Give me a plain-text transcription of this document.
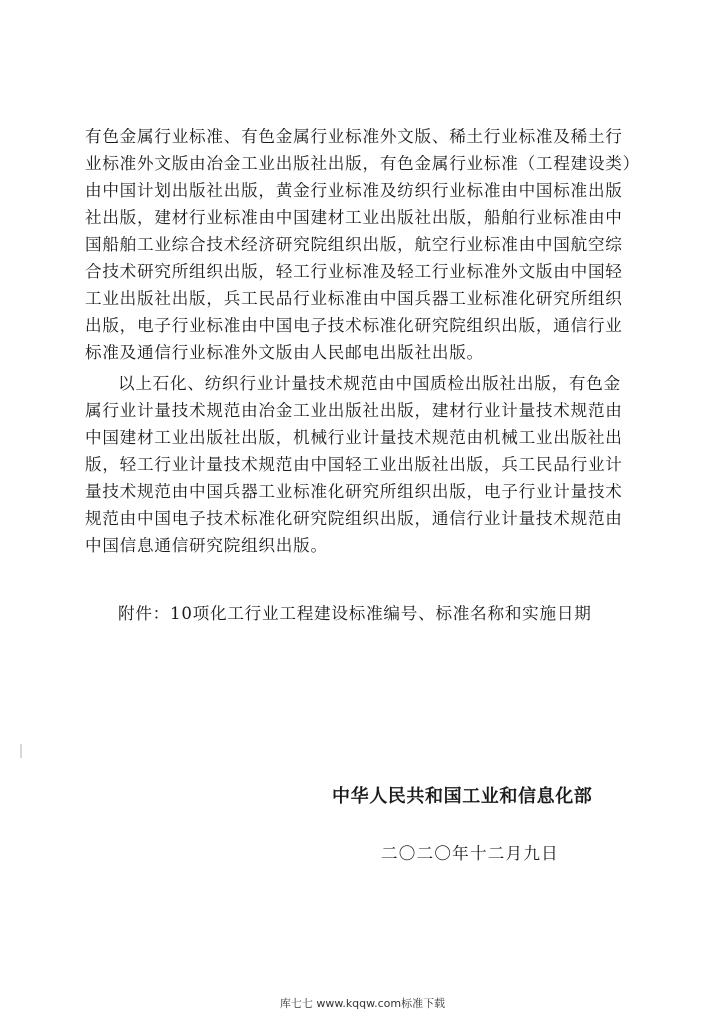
有色金属行业标准、有色金属行业标准外文版、稀土行业标准及稀土行
业标准外文版由冶金工业出版社出版，有色金属行业标准（工程建设类）
由中国计划出版社出版，黄金行业标准及纺织行业标准由中国标准出版
社出版，建材行业标准由中国建材工业出版社出版，船舶行业标准由中
国船舶工业综合技术经济研究院组织出版，航空行业标准由中国航空综
合技术研究所组织出版，轻工行业标准及轻工行业标准外文版由中国轻
工业出版社出版，兵工民品行业标准由中国兵器工业标准化研究所组织
出版，电子行业标准由中国电子技术标准化研究院组织出版，通信行业
标准及通信行业标准外文版由人民邮电出版社出版。
以上石化、纺织行业计量技术规范由中国质检出版社出版，有色金
属行业计量技术规范由冶金工业出版社出版，建材行业计量技术规范由
中国建材工业出版社出版，机械行业计量技术规范由机械工业出版社出
版，轻工行业计量技术规范由中国轻工业出版社出版，兵工民品行业计
量技术规范由中国兵器工业标准化研究所组织出版，电子行业计量技术
规范由中国电子技术标准化研究院组织出版，通信行业计量技术规范由
中国信息通信研究院组织出版。
附件：10项化工行业工程建设标准编号、标准名称和实施日期
中华人民共和国工业和信息化部
二〇二〇年十二月九日
库七七 www.kqqw.com标准下载
